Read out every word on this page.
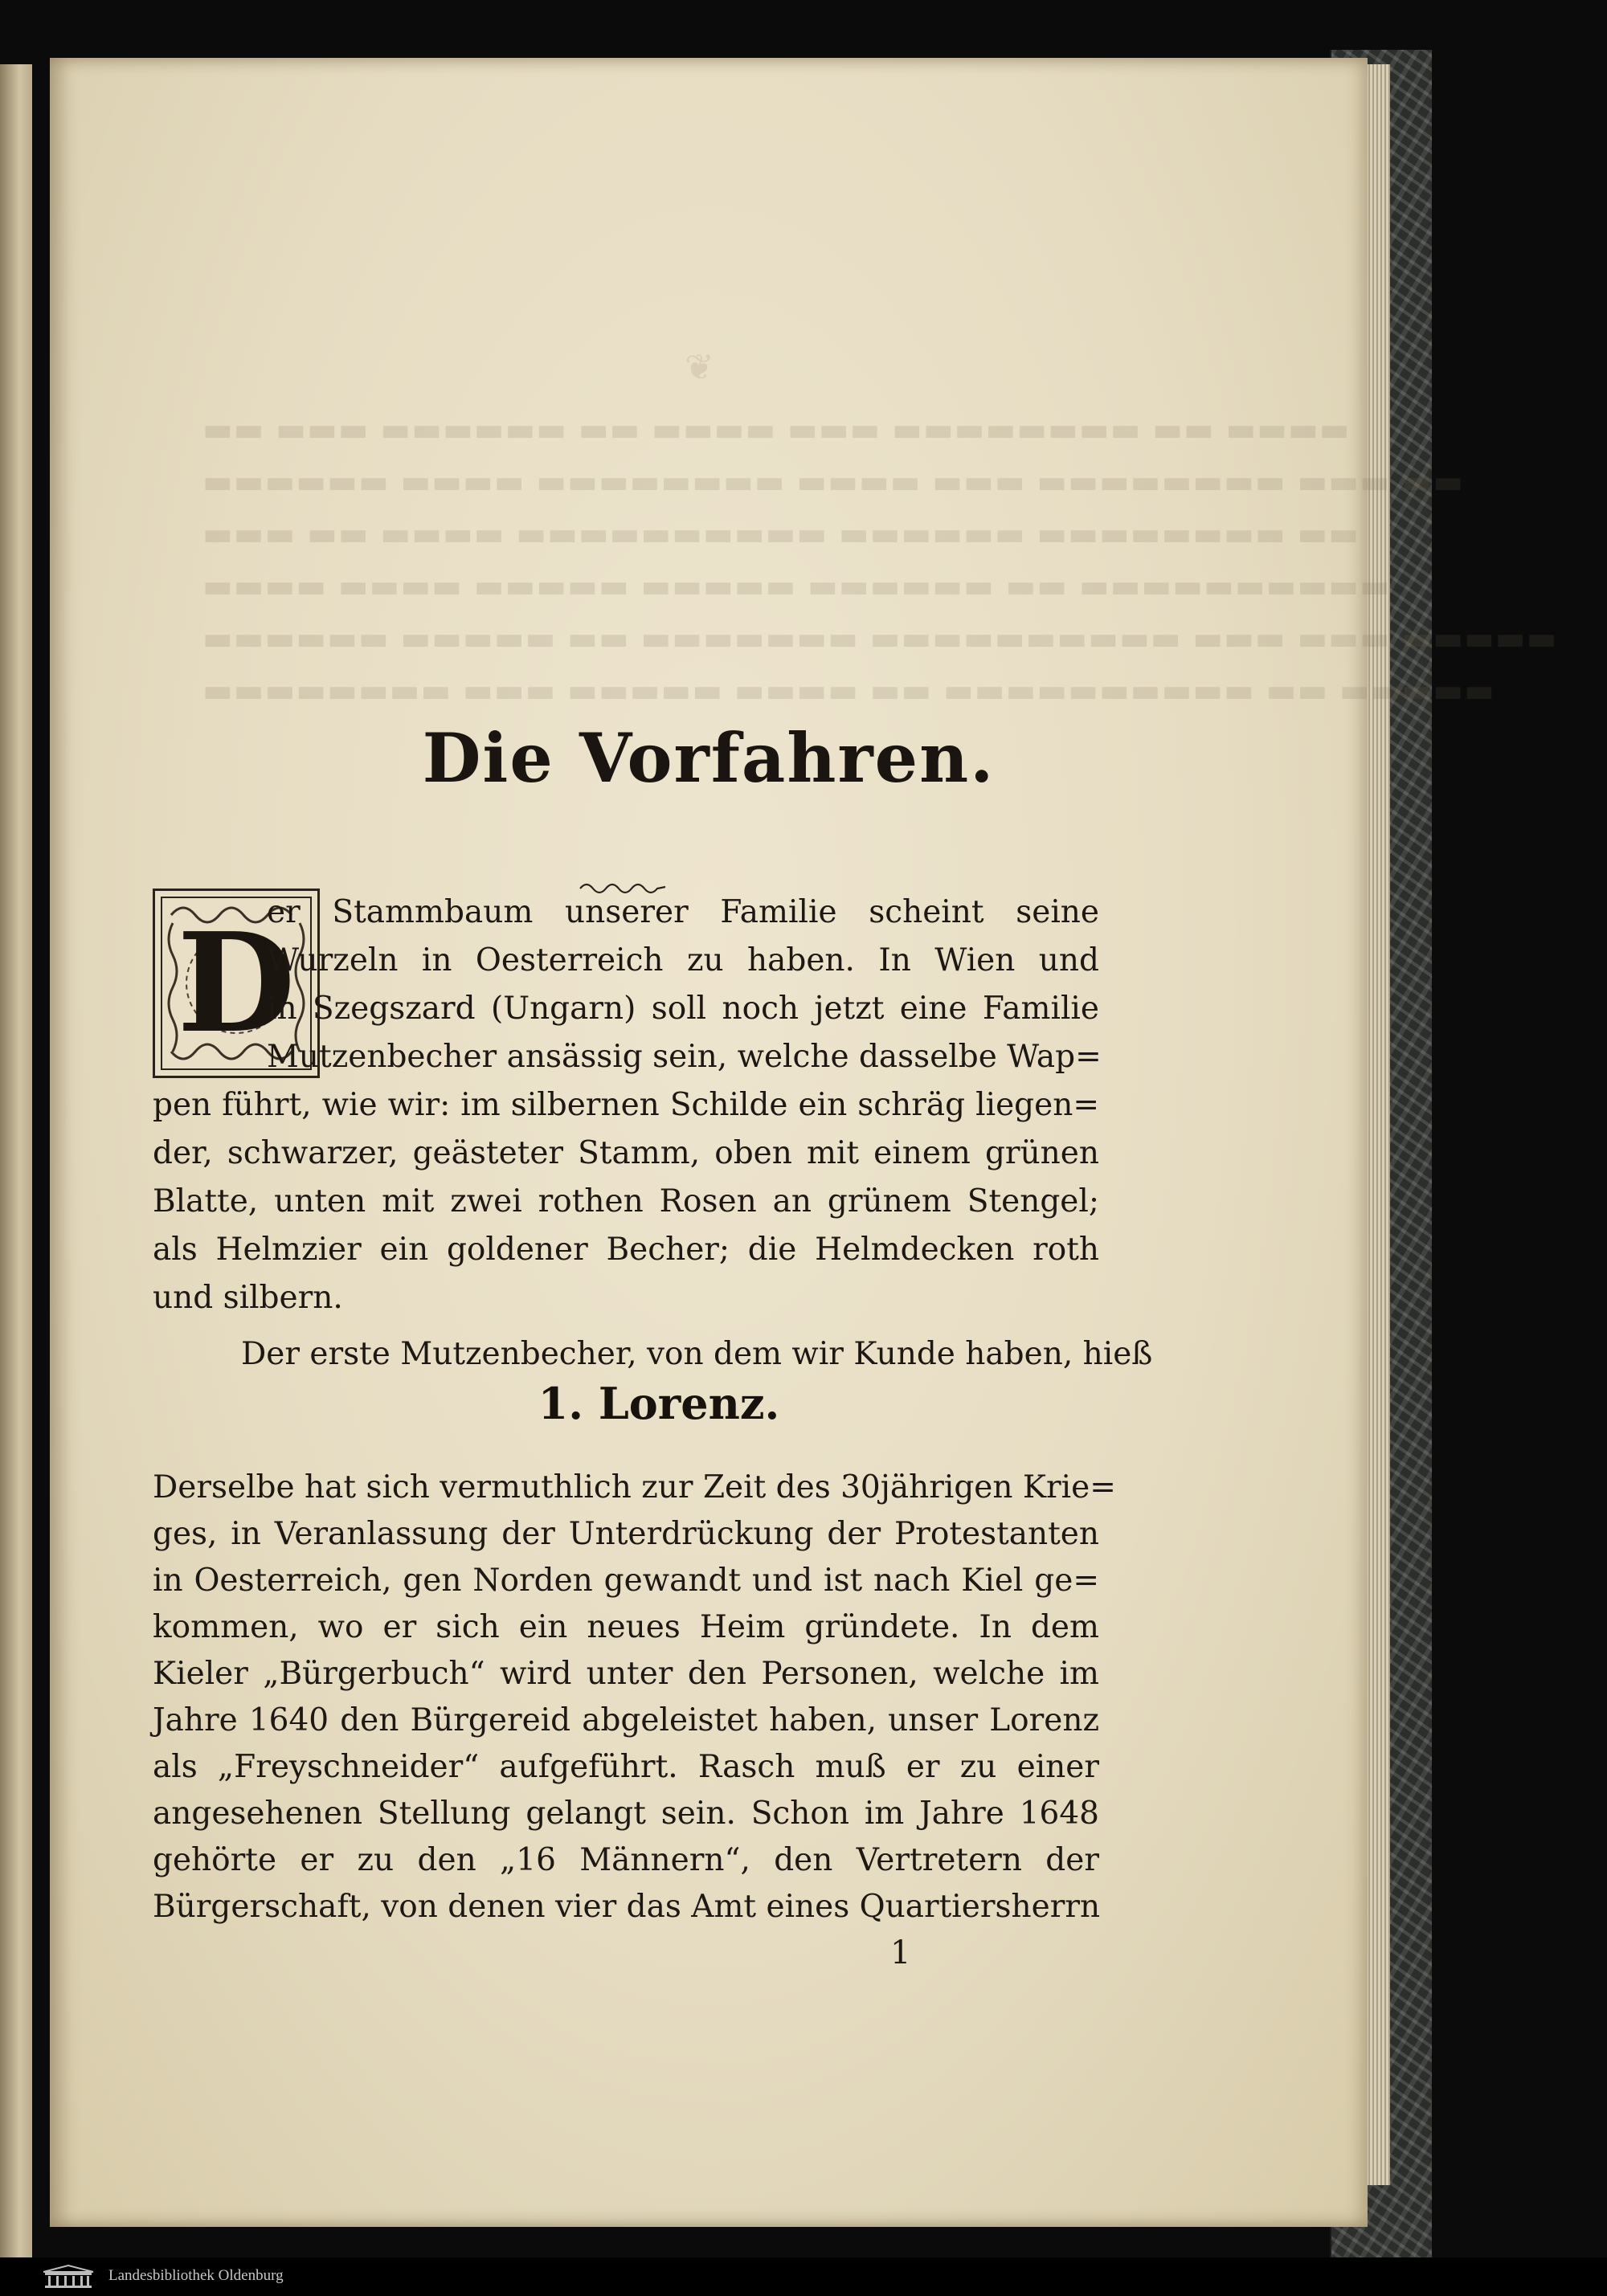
▬▬ ▬▬▬ ▬▬▬▬▬▬ ▬▬ ▬▬▬▬ ▬▬▬ ▬▬▬▬▬▬▬▬ ▬▬ ▬▬▬▬
▬▬▬▬▬▬ ▬▬▬▬ ▬▬▬▬▬▬▬▬ ▬▬▬▬ ▬▬▬ ▬▬▬▬▬▬▬▬ ▬▬▬ ▬▬
▬▬▬ ▬▬ ▬▬▬▬ ▬▬▬▬▬▬▬▬▬▬ ▬▬▬▬▬▬ ▬▬▬▬▬▬▬▬ ▬▬
▬▬▬▬ ▬▬▬▬ ▬▬▬▬▬ ▬▬▬▬▬ ▬▬▬▬▬▬ ▬▬ ▬▬▬▬▬▬▬▬▬▬
▬▬▬▬▬▬ ▬▬▬▬▬ ▬▬ ▬▬▬▬▬▬▬ ▬▬▬▬▬▬▬▬▬▬ ▬▬▬ ▬▬▬ ▬▬▬▬▬
▬▬▬▬▬▬▬▬ ▬▬▬ ▬▬▬▬▬ ▬▬▬▬ ▬▬ ▬▬▬▬▬▬▬▬▬▬ ▬▬ ▬▬▬▬▬
❦
Die Vorfahren.
D
er Stammbaum unserer Familie scheint seine
Wurzeln in Oesterreich zu haben. In Wien und
in Szegszard (Ungarn) soll noch jetzt eine Familie
Mutzenbecher ansässig sein, welche dasselbe Wap=
pen führt, wie wir: im silbernen Schilde ein schräg liegen=
der, schwarzer, geästeter Stamm, oben mit einem grünen
Blatte, unten mit zwei rothen Rosen an grünem Stengel;
als Helmzier ein goldener Becher; die Helmdecken roth
und silbern.
Der erste Mutzenbecher, von dem wir Kunde haben, hieß
1. Lorenz.
Derselbe hat sich vermuthlich zur Zeit des 30jährigen Krie=
ges, in Veranlassung der Unterdrückung der Protestanten
in Oesterreich, gen Norden gewandt und ist nach Kiel ge=
kommen, wo er sich ein neues Heim gründete. In dem
Kieler „Bürgerbuch“ wird unter den Personen, welche im
Jahre 1640 den Bürgereid abgeleistet haben, unser Lorenz
als „Freyschneider“ aufgeführt. Rasch muß er zu einer
angesehenen Stellung gelangt sein. Schon im Jahre 1648
gehörte er zu den „16 Männern“, den Vertretern der
Bürgerschaft, von denen vier das Amt eines Quartiersherrn
1
Landesbibliothek Oldenburg
